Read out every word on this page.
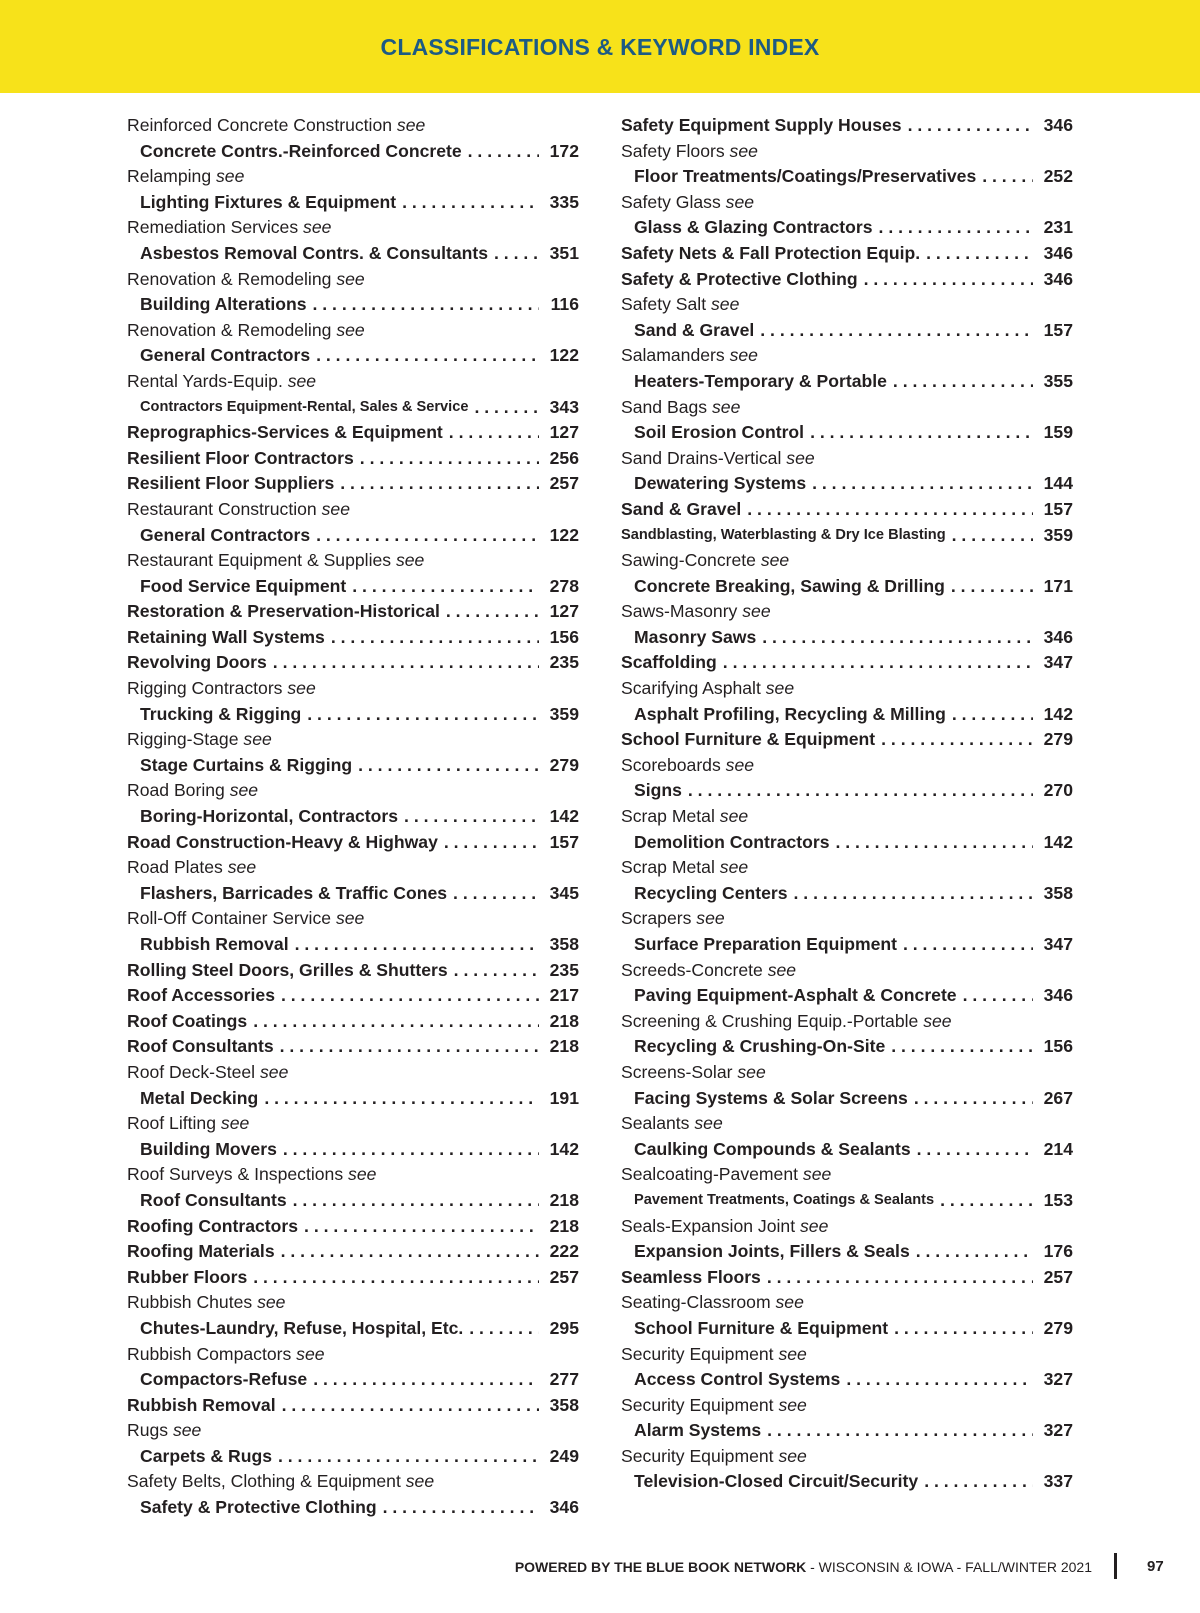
CLASSIFICATIONS & KEYWORD INDEX
Reinforced Concrete Construction see
Concrete Contrs.-Reinforced Concrete . . .	172
Relamping see
Lighting Fixtures & Equipment . . .	335
Remediation Services see
Asbestos Removal Contrs. & Consultants . . .	351
Renovation & Remodeling see
Building Alterations . . .	116
Renovation & Remodeling see
General Contractors . . .	122
Rental Yards-Equip. see
Contractors Equipment-Rental, Sales & Service . . .	343
Reprographics-Services & Equipment . . .	127
Resilient Floor Contractors . . .	256
Resilient Floor Suppliers . . .	257
Restaurant Construction see
General Contractors . . .	122
Restaurant Equipment & Supplies see
Food Service Equipment . . .	278
Restoration & Preservation-Historical . . .	127
Retaining Wall Systems . . .	156
Revolving Doors . . .	235
Rigging Contractors see
Trucking & Rigging . . .	359
Rigging-Stage see
Stage Curtains & Rigging . . .	279
Road Boring see
Boring-Horizontal, Contractors . . .	142
Road Construction-Heavy & Highway . . .	157
Road Plates see
Flashers, Barricades & Traffic Cones . . .	345
Roll-Off Container Service see
Rubbish Removal . . .	358
Rolling Steel Doors, Grilles & Shutters . . .	235
Roof Accessories . . .	217
Roof Coatings . . .	218
Roof Consultants . . .	218
Roof Deck-Steel see
Metal Decking . . .	191
Roof Lifting see
Building Movers . . .	142
Roof Surveys & Inspections see
Roof Consultants . . .	218
Roofing Contractors . . .	218
Roofing Materials . . .	222
Rubber Floors . . .	257
Rubbish Chutes see
Chutes-Laundry, Refuse, Hospital, Etc. . . .	295
Rubbish Compactors see
Compactors-Refuse . . .	277
Rubbish Removal . . .	358
Rugs see
Carpets & Rugs . . .	249
Safety Belts, Clothing & Equipment see
Safety & Protective Clothing . . .	346
Safety Equipment Supply Houses . . .	346
Safety Floors see
Floor Treatments/Coatings/Preservatives . . .	252
Safety Glass see
Glass & Glazing Contractors . . .	231
Safety Nets & Fall Protection Equip. . . .	346
Safety & Protective Clothing . . .	346
Safety Salt see
Sand & Gravel . . .	157
Salamanders see
Heaters-Temporary & Portable . . .	355
Sand Bags see
Soil Erosion Control . . .	159
Sand Drains-Vertical see
Dewatering Systems . . .	144
Sand & Gravel . . .	157
Sandblasting, Waterblasting & Dry Ice Blasting . . .	359
Sawing-Concrete see
Concrete Breaking, Sawing & Drilling . . .	171
Saws-Masonry see
Masonry Saws . . .	346
Scaffolding . . .	347
Scarifying Asphalt see
Asphalt Profiling, Recycling & Milling . . .	142
School Furniture & Equipment . . .	279
Scoreboards see
Signs . . .	270
Scrap Metal see
Demolition Contractors . . .	142
Scrap Metal see
Recycling Centers . . .	358
Scrapers see
Surface Preparation Equipment . . .	347
Screeds-Concrete see
Paving Equipment-Asphalt & Concrete . . .	346
Screening & Crushing Equip.-Portable see
Recycling & Crushing-On-Site . . .	156
Screens-Solar see
Facing Systems & Solar Screens . . .	267
Sealants see
Caulking Compounds & Sealants . . .	214
Sealcoating-Pavement see
Pavement Treatments, Coatings & Sealants . . .	153
Seals-Expansion Joint see
Expansion Joints, Fillers & Seals . . .	176
Seamless Floors . . .	257
Seating-Classroom see
School Furniture & Equipment . . .	279
Security Equipment see
Access Control Systems . . .	327
Security Equipment see
Alarm Systems . . .	327
Security Equipment see
Television-Closed Circuit/Security . . .	337
POWERED BY THE BLUE BOOK NETWORK - WISCONSIN & IOWA - FALL/WINTER 2021	97
